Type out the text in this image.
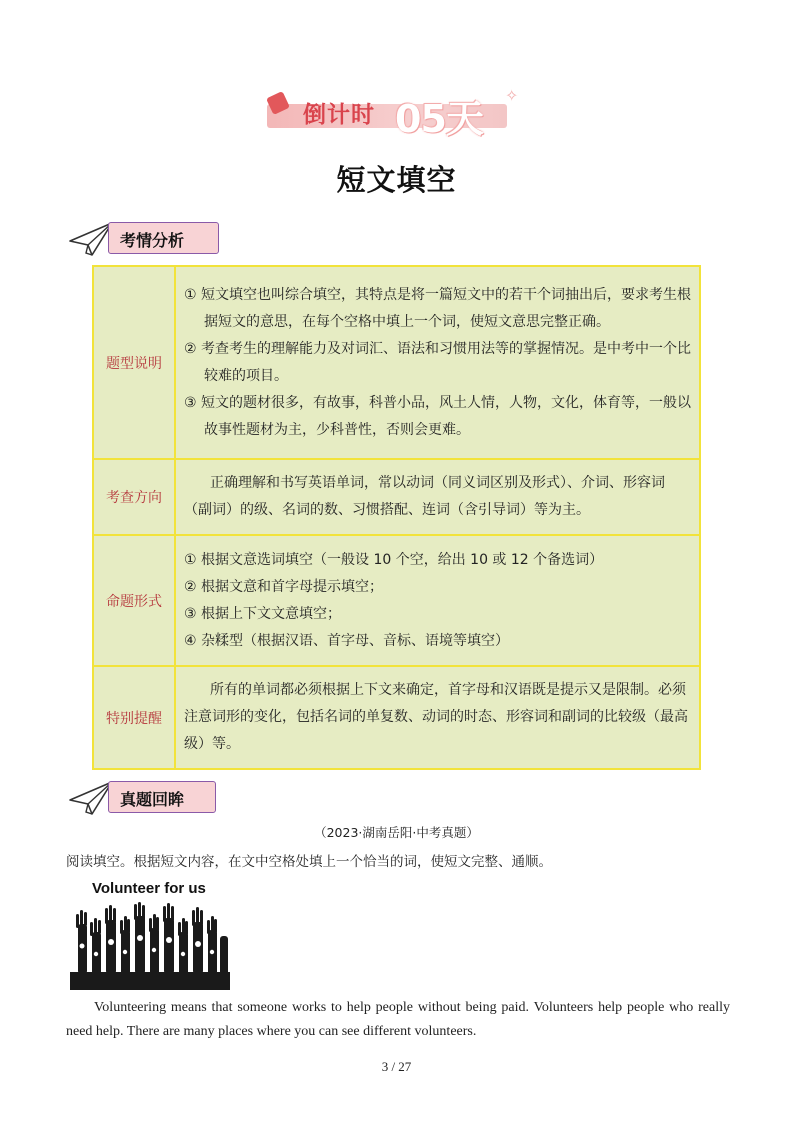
倒计时 05天
✧
短文填空
考情分析
题型说明	① 短文填空也叫综合填空，其特点是将一篇短文中的若干个词抽出后，要求考生根据短文的意思，在每个空格中填上一个词，使短文意思完整正确。
② 考查考生的理解能力及对词汇、语法和习惯用法等的掌握情况。是中考中一个比较难的项目。
③ 短文的题材很多，有故事，科普小品，风土人情，人物，文化，体育等，一般以故事性题材为主，少科普性，否则会更难。

考查方向	正确理解和书写英语单词，常以动词（同义词区别及形式）、介词、形容词（副词）的级、名词的数、习惯搭配、连词（含引导词）等为主。

命题形式	① 根据文意选词填空（一般设 10 个空，给出 10 或 12 个备选词）
② 根据文意和首字母提示填空；
③ 根据上下文文意填空；
④ 杂糅型（根据汉语、首字母、音标、语境等填空）

特别提醒	所有的单词都必须根据上下文来确定，首字母和汉语既是提示又是限制。必须注意词形的变化，包括名词的单复数、动词的时态、形容词和副词的比较级（最高级）等。
真题回眸
（2023·湖南岳阳·中考真题）
阅读填空。根据短文内容，在文中空格处填上一个恰当的词，使短文完整、通顺。
Volunteer for us
Volunteering means that someone works to help people without being paid. Volunteers help people who really need help. There are many places where you can see different volunteers.
3 / 27
